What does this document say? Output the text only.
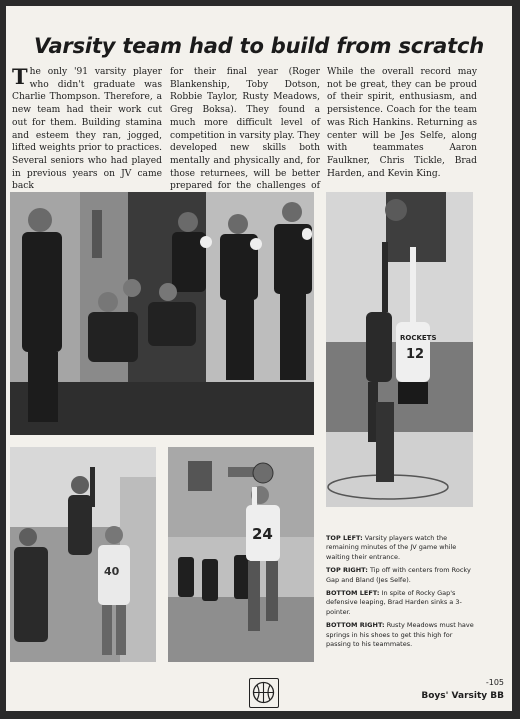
Varsity team had to build from scratch
The only '91 varsity player who didn't graduate was Charlie Thompson. Therefore, a new team had their work cut out for them. Building stamina and esteem they ran, jogged, lifted weights prior to practices. Several seniors who had played in previous years on JV came back
for their final year (Roger Blankenship, Toby Dotson, Robbie Taylor, Rusty Meadows, Greg Boksa). They found a much more difficult level of competition in varsity play. They developed new skills both mentally and physically and, for those returnees, will be better prepared for the challenges of
While the overall record may not be great, they can be proud of their spirit, enthusiasm, and persistence. Coach for the team was Rich Hankins. Returning as center will be Jes Selfe, along with teammates Aaron Faulkner, Chris Tickle, Brad Harden, and Kevin King.
ROCKETS
12
40
24	TOP LEFT: Varsity players watch the remaining minutes of the JV game while waiting their entrance.

TOP RIGHT: Tip off with centers from Rocky Gap and Bland (Jes Selfe).

BOTTOM LEFT: In spite of Rocky Gap's defensive leaping, Brad Harden sinks a 3-pointer.

BOTTOM RIGHT: Rusty Meadows must have springs in his shoes to get this high for passing to his teammates.

-105
Boys' Varsity BB
